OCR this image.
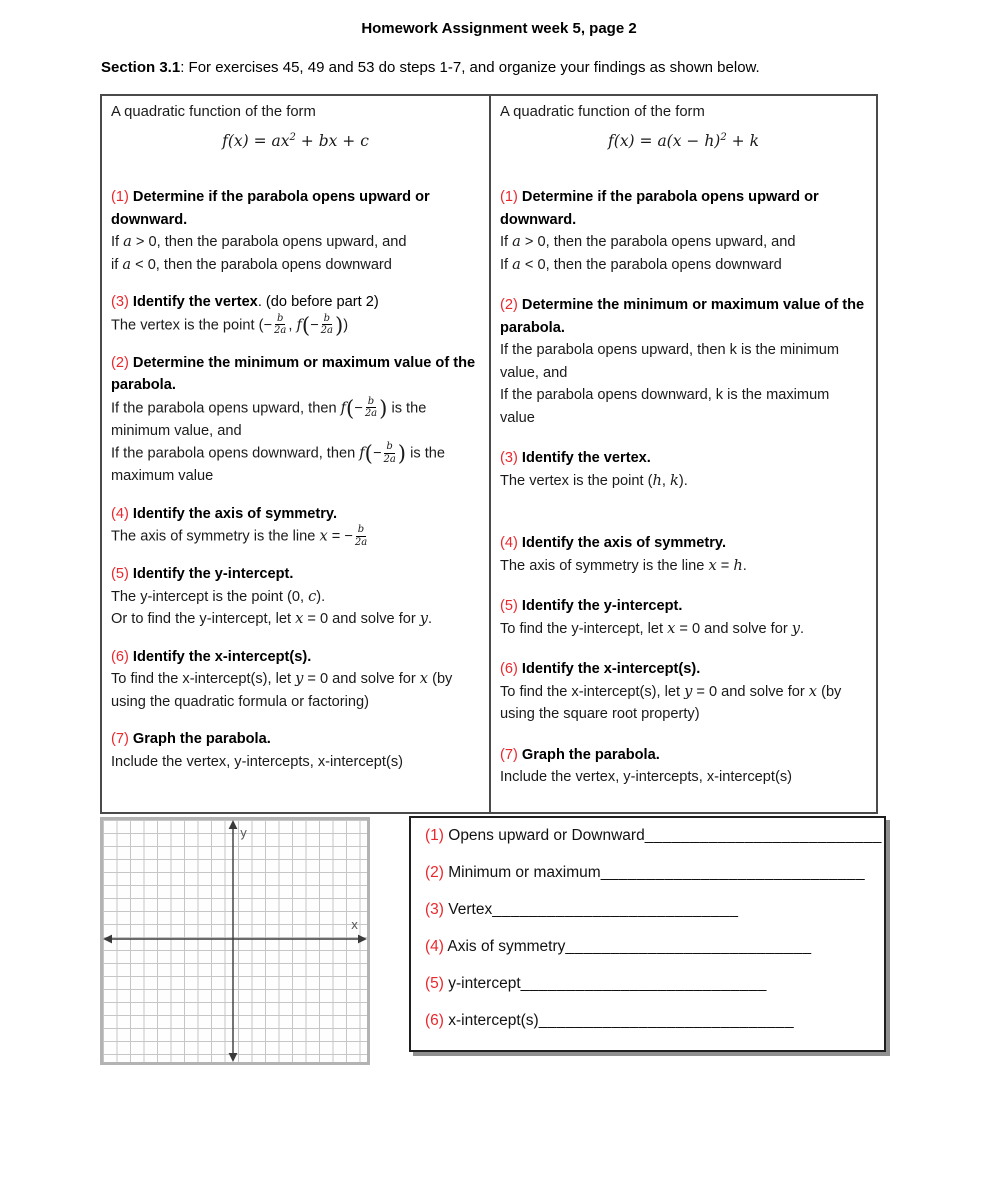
Homework Assignment week 5, page 2
Section 3.1: For exercises 45, 49 and 53 do steps 1-7, and organize your findings as shown below.
A quadratic function of the form
$f(x) = ax^2$ + bx + c
(1) Determine if the parabola opens upward or downward.
If a > 0, then the parabola opens upward, and
if a < 0, then the parabola opens downward
(3) Identify the vertex. (do before part 2)
The vertex is the point (− $\frac{b}{2a}$ , $f(- \frac{b}{2a}$ ))
(2) Determine the minimum or maximum value of the parabola.
If the parabola opens upward, then $f(- \frac{b}{2a}$ ) is the
minimum value, and
If the parabola opens downward, then $f(- \frac{b}{2a}$ ) is the
maximum value
(4) Identify the axis of symmetry.
The axis of symmetry is the line x = − $\frac{b}{2a}$
(5) Identify the y-intercept.
The y-intercept is the point (0, c).
Or to find the y-intercept, let x = 0 and solve for y.
(6) Identify the x-intercept(s).
To find the x-intercept(s), let y = 0 and solve for x (by
using the quadratic formula or factoring)
(7) Graph the parabola.
Include the vertex, y-intercepts, x-intercept(s)
A quadratic function of the form
$f(x) = a(x - h)^2 + k$
(1) Determine if the parabola opens upward or downward.
If a > 0, then the parabola opens upward, and
If a < 0, then the parabola opens downward
(2) Determine the minimum or maximum value of the parabola.
If the parabola opens upward, then k is the minimum
value, and
If the parabola opens downward, k is the maximum
value
(3) Identify the vertex.
The vertex is the point (h, k).
(4) Identify the axis of symmetry.
The axis of symmetry is the line x = h.
(5) Identify the y-intercept.
To find the y-intercept, let x = 0 and solve for y.
(6) Identify the x-intercept(s).
To find the x-intercept(s), let y = 0 and solve for x (by
using the square root property)
(7) Graph the parabola.
Include the vertex, y-intercepts, x-intercept(s)
y
x
(1) Opens upward or Downward__________________________
(2) Minimum or maximum_____________________________
(3) Vertex___________________________
(4) Axis of symmetry___________________________
(5) y-intercept___________________________
(6) x-intercept(s)____________________________
